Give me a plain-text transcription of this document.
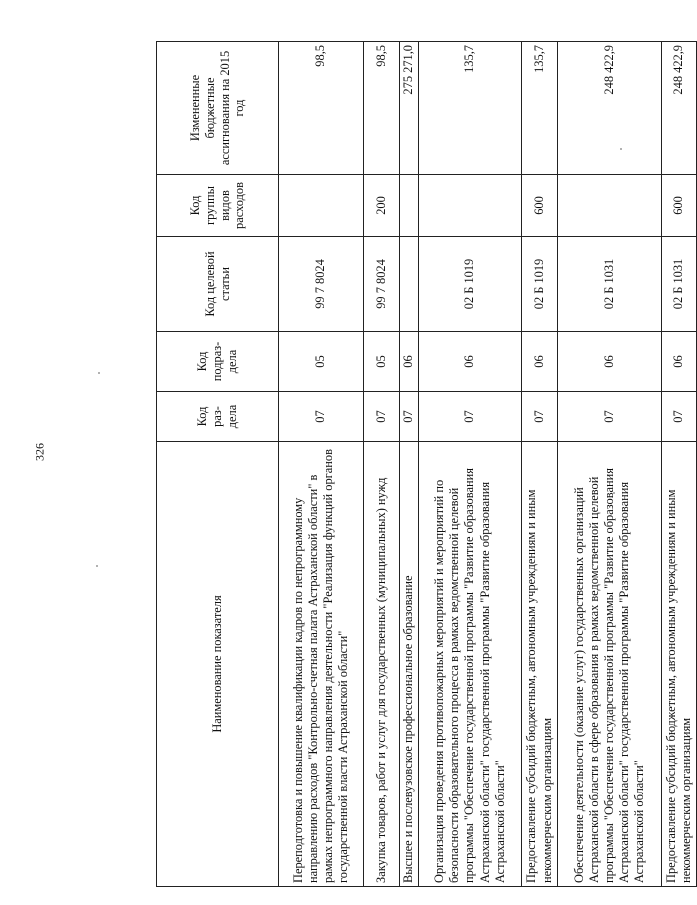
326
Наименование показателя	Код раз-дела	Код подраз-дела	Код целевой статьи	Код группы видов расходов	Измененные бюджетные ассигнования на 2015 год
Переподготовка и повышение квалификации кадров по непрограммному направлению расходов "Контрольно-счетная палата Астраханской области" в рамках непрограммного направления деятельности "Реализация функций органов государственной власти Астраханской области"	07	05	99 7 8024		98,5
Закупка товаров, работ и услуг для государственных (муниципальных) нужд	07	05	99 7 8024	200	98,5
Высшее и послевузовское профессиональное образование	07	06			275 271,0
Организация проведения противопожарных мероприятий и мероприятий по безопасности образовательного процесса в рамках ведомственной целевой программы "Обеспечение государственной программы "Развитие образования Астраханской области" государственной программы "Развитие образования Астраханской области"	07	06	02 Б 1019		135,7
Предоставление субсидий бюджетным, автономным учреждениям и иным некоммерческим организациям	07	06	02 Б 1019	600	135,7
Обеспечение деятельности (оказание услуг) государственных организаций Астраханской области в сфере образования в рамках ведомственной целевой программы "Обеспечение государственной программы "Развитие образования Астраханской области" государственной программы "Развитие образования Астраханской области"	07	06	02 Б 1031		248 422,9
Предоставление субсидий бюджетным, автономным учреждениям и иным некоммерческим организациям	07	06	02 Б 1031	600	248 422,9
